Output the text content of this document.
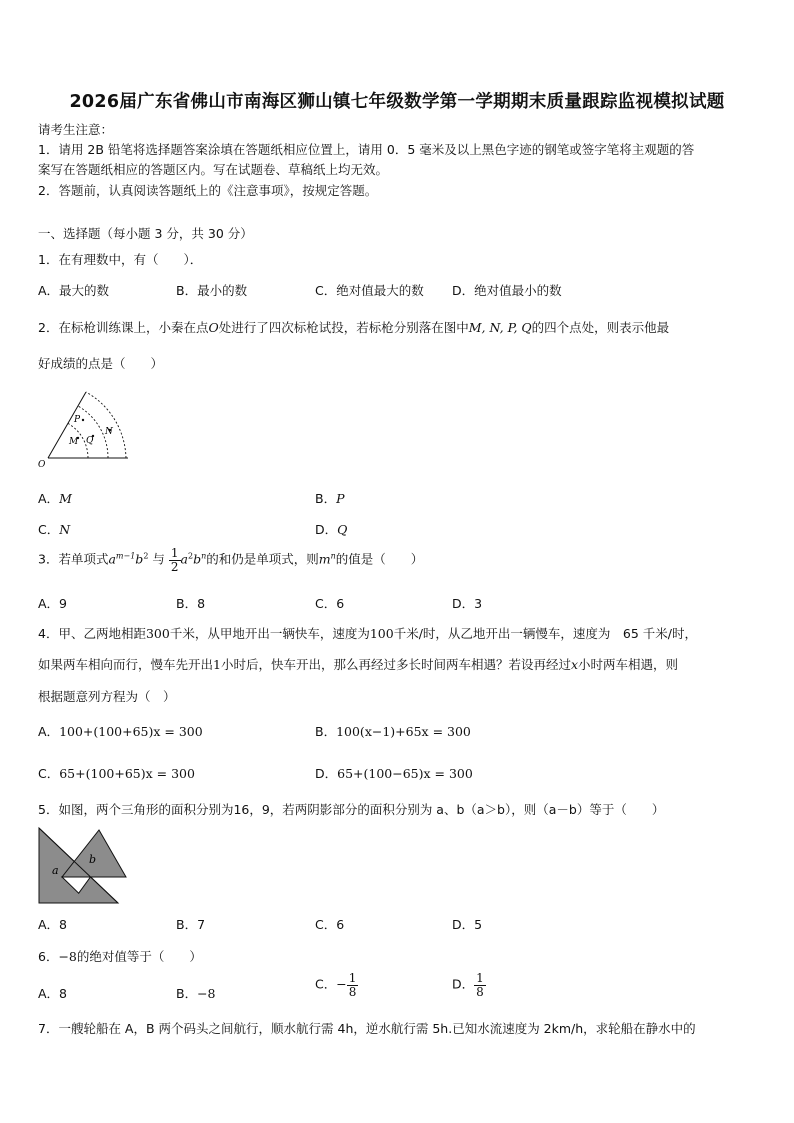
2026届广东省佛山市南海区狮山镇七年级数学第一学期期末质量跟踪监视模拟试题
请考生注意：
1．请用 2B 铅笔将选择题答案涂填在答题纸相应位置上，请用 0．5 毫米及以上黑色字迹的钢笔或签字笔将主观题的答
案写在答题纸相应的答题区内。写在试题卷、草稿纸上均无效。
2．答题前，认真阅读答题纸上的《注意事项》，按规定答题。
一、选择题（每小题 3 分，共 30 分）
1．在有理数中，有（　　）．
A．最大的数	B．最小的数	C．绝对值最大的数 D．绝对值最小的数
2．在标枪训练课上，小秦在点O处进行了四次标枪试投，若标枪分别落在图中M, N, P, Q的四个点处，则表示他最
好成绩的点是（　　）
O
P
M Q
N
A．M	B．P
C．N	D．Q
3．若单项式$a^{m-1}b^2$ 与 $\frac{1}{2} a^2b^n$的和仍是单项式，则$m^n$的值是（　　）
A．9	B．8	C．6	D．3
4．甲、乙两地相距300千米，从甲地开出一辆快车，速度为100千米/时，从乙地开出一辆慢车，速度为　65 千米/时，
如果两车相向而行，慢车先开出1小时后，快车开出，那么再经过多长时间两车相遇？若设再经过x小时两车相遇，则
根据题意列方程为（　）
A．100+(100+65)x = 300	B．100(x−1)+65x = 300
C．65+(100+65)x = 300	D．65+(100−65)x = 300
5．如图，两个三角形的面积分别为16，9，若两阴影部分的面积分别为 a、b（a＞b），则（a－b）等于（　　）
a
b
A．8	B．7	C．6	D．5
6．−8的绝对值等于（　　）
A．8	B．−8
C．− $\frac{1}{8}$	D． $\frac{1}{8}$
7．一艘轮船在 A，B 两个码头之间航行，顺水航行需 4h，逆水航行需 5h.已知水流速度为 2km/h，求轮船在静水中的
